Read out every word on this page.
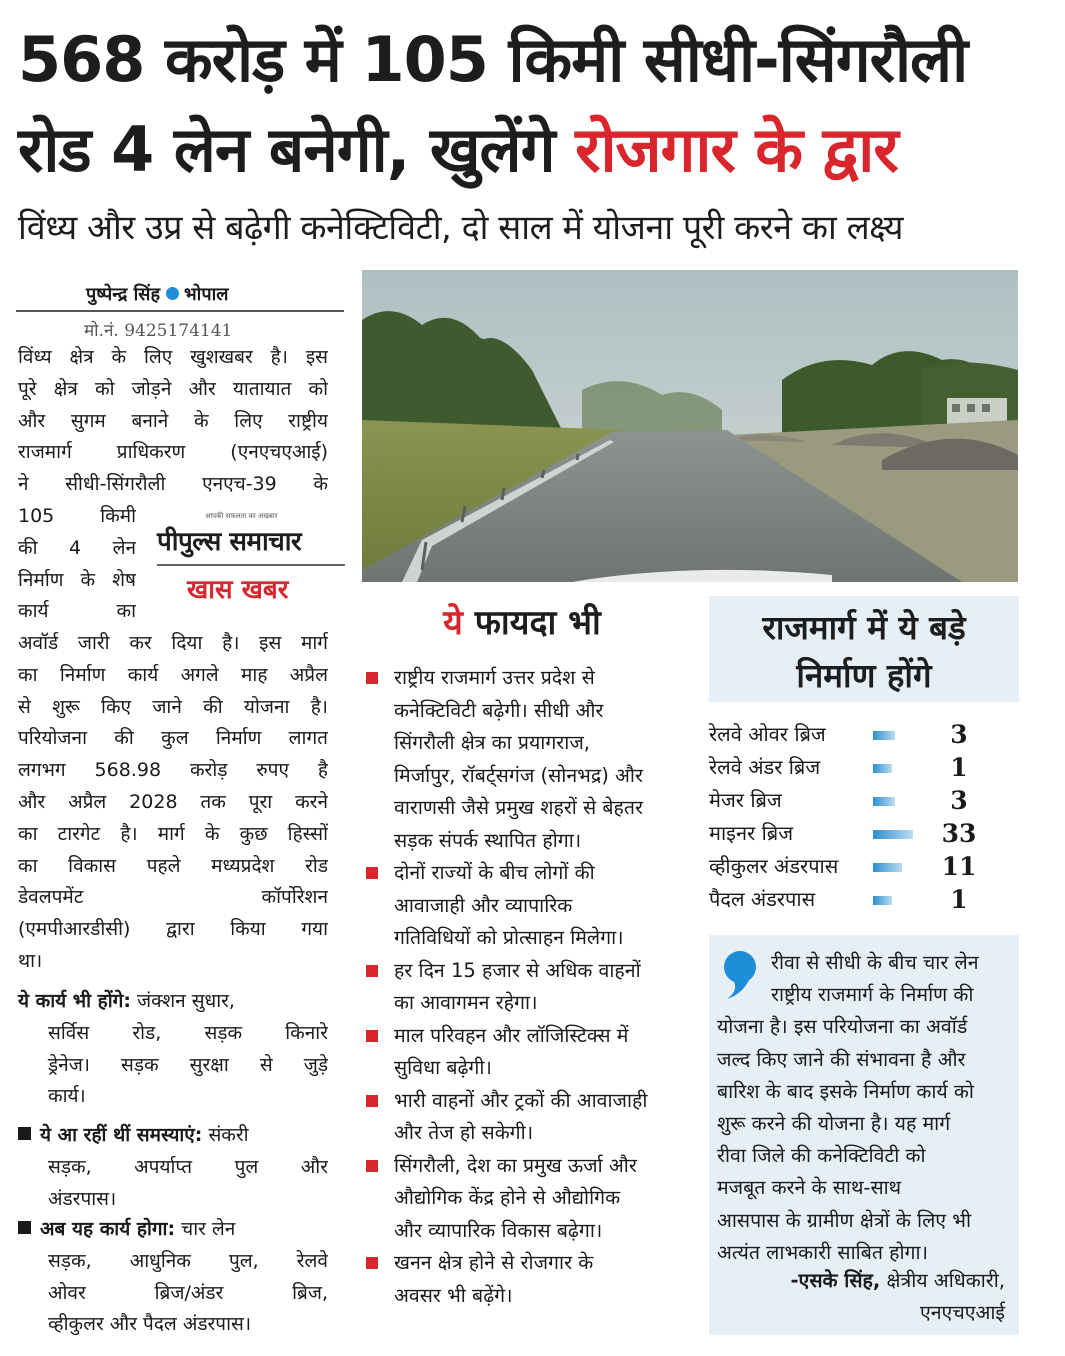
568 करोड़ में 105 किमी सीधी-सिंगरौली
रोड 4 लेन बनेगी, खुलेंगे रोजगार के द्वार
विंध्य और उप्र से बढ़ेगी कनेक्टिविटी, दो साल में योजना पूरी करने का लक्ष्य
पुष्पेन्द्र सिंह भोपाल
मो.नं. 9425174141
विंध्य क्षेत्र के लिए खुशखबर है। इस
पूरे क्षेत्र को जोड़ने और यातायात को
और सुगम बनाने के लिए राष्ट्रीय
राजमार्ग प्राधिकरण (एनएचएआई)
ने सीधी-सिंगरौली एनएच-39 के
105 किमी
की 4 लेन
निर्माण के शेष
कार्य का
अवॉर्ड जारी कर दिया है। इस मार्ग
का निर्माण कार्य अगले माह अप्रैल
से शुरू किए जाने की योजना है।
परियोजना की कुल निर्माण लागत
लगभग 568.98 करोड़ रुपए है
और अप्रैल 2028 तक पूरा करने
का टारगेट है। मार्ग के कुछ हिस्सों
का विकास पहले मध्यप्रदेश रोड
डेवलपमेंट कॉर्पोरेशन
(एमपीआरडीसी) द्वारा किया गया
था।
ये कार्य भी होंगे: जंक्शन सुधार,
सर्विस रोड, सड़क किनारे
ड्रेनेज। सड़क सुरक्षा से जुड़े
कार्य।
ये आ रहीं थीं समस्याएं: संकरी
सड़क, अपर्याप्त पुल और
अंडरपास।
अब यह कार्य होगा: चार लेन
सड़क, आधुनिक पुल, रेलवे
ओवर ब्रिज/अंडर ब्रिज,
व्हीकुलर और पैदल अंडरपास।
आपकी सफलता का अखबार
पीपुल्स समाचार
खास खबर
ये फायदा भी
राष्ट्रीय राजमार्ग उत्तर प्रदेश से
कनेक्टिविटी बढ़ेगी। सीधी और
सिंगरौली क्षेत्र का प्रयागराज,
मिर्जापुर, रॉबर्ट्सगंज (सोनभद्र) और
वाराणसी जैसे प्रमुख शहरों से बेहतर
सड़क संपर्क स्थापित होगा।
दोनों राज्यों के बीच लोगों की
आवाजाही और व्यापारिक
गतिविधियों को प्रोत्साहन मिलेगा।
हर दिन 15 हजार से अधिक वाहनों
का आवागमन रहेगा।
माल परिवहन और लॉजिस्टिक्स में
सुविधा बढ़ेगी।
भारी वाहनों और ट्रकों की आवाजाही
और तेज हो सकेगी।
सिंगरौली, देश का प्रमुख ऊर्जा और
औद्योगिक केंद्र होने से औद्योगिक
और व्यापारिक विकास बढ़ेगा।
खनन क्षेत्र होने से रोजगार के
अवसर भी बढ़ेंगे।
राजमार्ग में ये बड़े
निर्माण होंगे
रेलवे ओवर ब्रिज	3
रेलवे अंडर ब्रिज	1
मेजर ब्रिज	3
माइनर ब्रिज	33
व्हीकुलर अंडरपास	11
पैदल अंडरपास	1
रीवा से सीधी के बीच चार लेन
राष्ट्रीय राजमार्ग के निर्माण की
योजना है। इस परियोजना का अवॉर्ड
जल्द किए जाने की संभावना है और
बारिश के बाद इसके निर्माण कार्य को
शुरू करने की योजना है। यह मार्ग
रीवा जिले की कनेक्टिविटी को
मजबूत करने के साथ-साथ
आसपास के ग्रामीण क्षेत्रों के लिए भी
अत्यंत लाभकारी साबित होगा।
-एसके सिंह, क्षेत्रीय अधिकारी,
एनएचएआई
